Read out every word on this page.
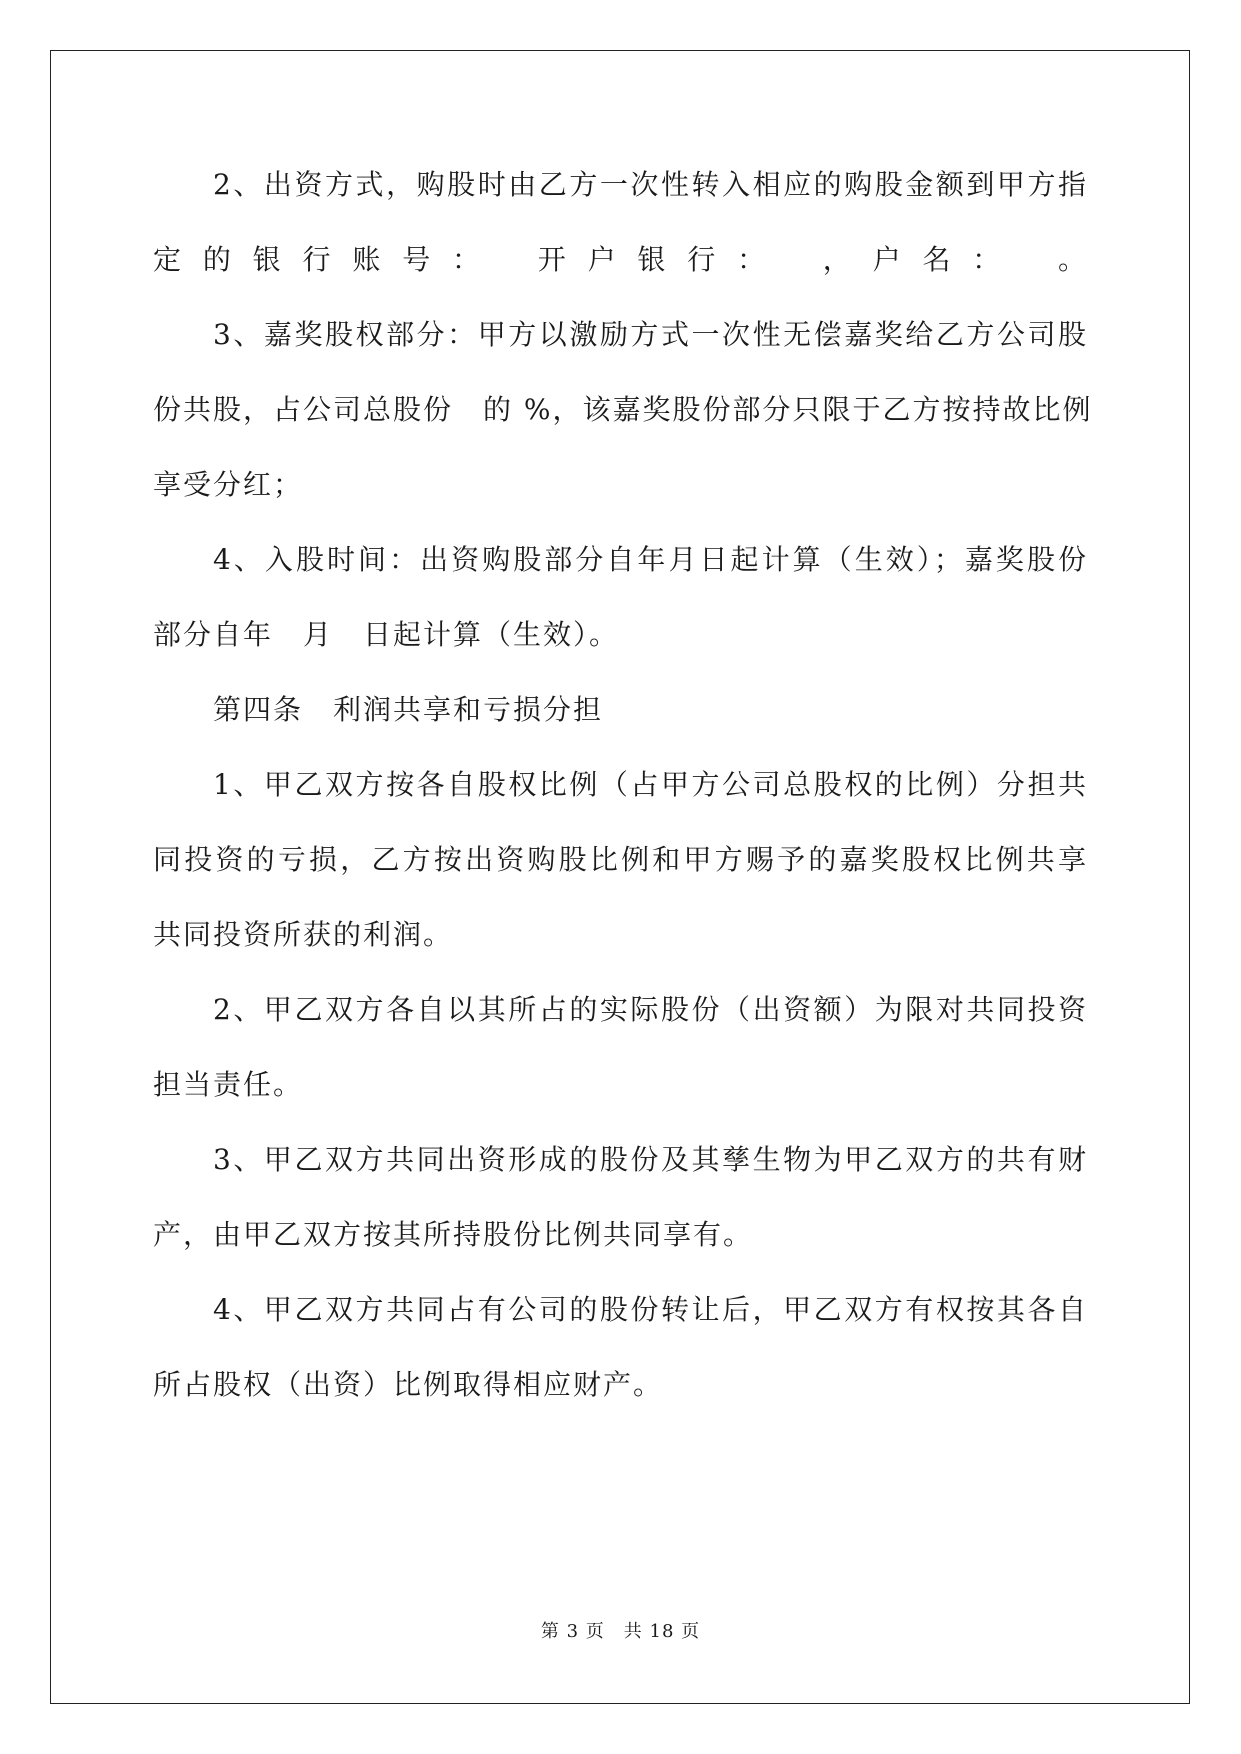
2、出资方式，购股时由乙方一次性转入相应的购股金额到甲方指
定的银行账号：　开户银行：　，户名：　。
3、嘉奖股权部分：甲方以激励方式一次性无偿嘉奖给乙方公司股
份共股，占公司总股份　的 %，该嘉奖股份部分只限于乙方按持故比例
享受分红；
4、入股时间：出资购股部分自年月日起计算（生效）；嘉奖股份
部分自年　月　日起计算（生效）。
第四条　利润共享和亏损分担
1、甲乙双方按各自股权比例（占甲方公司总股权的比例）分担共
同投资的亏损，乙方按出资购股比例和甲方赐予的嘉奖股权比例共享
共同投资所获的利润。
2、甲乙双方各自以其所占的实际股份（出资额）为限对共同投资
担当责任。
3、甲乙双方共同出资形成的股份及其孳生物为甲乙双方的共有财
产，由甲乙双方按其所持股份比例共同享有。
4、甲乙双方共同占有公司的股份转让后，甲乙双方有权按其各自
所占股权（出资）比例取得相应财产。
第 3 页　共 18 页
